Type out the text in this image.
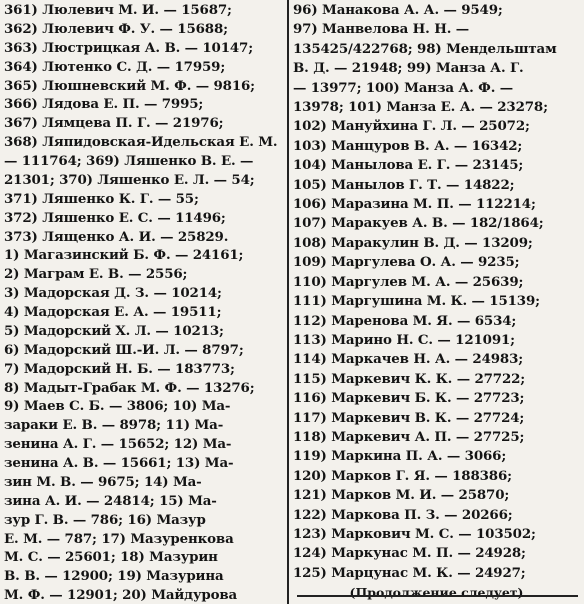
361) Люлевич М. И. — 15687;
362) Люлевич Ф. У. — 15688;
363) Люстрицкая А. В. — 10147;
364) Лютенко С. Д. — 17959;
365) Люшневский М. Ф. — 9816;
366) Лядова Е. П. — 7995;
367) Лямцева П. Г. — 21976;
368) Ляпидовская-Идельская Е. М.
— 111764; 369) Ляшенко В. Е. —
21301; 370) Ляшенко Е. Л. — 54;
371) Ляшенко К. Г. — 55;
372) Ляшенко Е. С. — 11496;
373) Лященко А. И. — 25829.
1) Магазинский Б. Ф. — 24161;
2) Маграм Е. В. — 2556;
3) Мадорская Д. З. — 10214;
4) Мадорская Е. А. — 19511;
5) Мадорский Х. Л. — 10213;
6) Мадорский Ш.-И. Л. — 8797;
7) Мадорский Н. Б. — 183773;
8) Мадыт-Грабак М. Ф. — 13276;
9) Маев С. Б. — 3806; 10) Ма-
зараки Е. В. — 8978; 11) Ма-
зенина А. Г. — 15652; 12) Ма-
зенина А. В. — 15661; 13) Ма-
зин М. В. — 9675; 14) Ма-
зина А. И. — 24814; 15) Ма-
зур Г. В. — 786; 16) Мазур
Е. М. — 787; 17) Мазуренкова
М. С. — 25601; 18) Мазурин
В. В. — 12900; 19) Мазурина
М. Ф. — 12901; 20) Майдурова
96) Манакова А. А. — 9549;
97) Манвелова Н. Н. —
135425/422768; 98) Мендельштам
В. Д. — 21948; 99) Манза А. Г.
— 13977; 100) Манза А. Ф. —
13978; 101) Манза Е. А. — 23278;
102) Мануйхина Г. Л. — 25072;
103) Манцуров В. А. — 16342;
104) Манылова Е. Г. — 23145;
105) Манылов Г. Т. — 14822;
106) Маразина М. П. — 112214;
107) Маракуев А. В. — 182/1864;
108) Маракулин В. Д. — 13209;
109) Маргулева О. А. — 9235;
110) Маргулев М. А. — 25639;
111) Маргушина М. К. — 15139;
112) Маренова М. Я. — 6534;
113) Марино Н. С. — 121091;
114) Маркачев Н. А. — 24983;
115) Маркевич К. К. — 27722;
116) Маркевич Б. К. — 27723;
117) Маркевич В. К. — 27724;
118) Маркевич А. П. — 27725;
119) Маркина П. А. — 3066;
120) Марков Г. Я. — 188386;
121) Марков М. И. — 25870;
122) Маркова П. З. — 20266;
123) Маркович М. С. — 103502;
124) Маркунас М. П. — 24928;
125) Марцунас М. К. — 24927;
(Продолжение следует)
